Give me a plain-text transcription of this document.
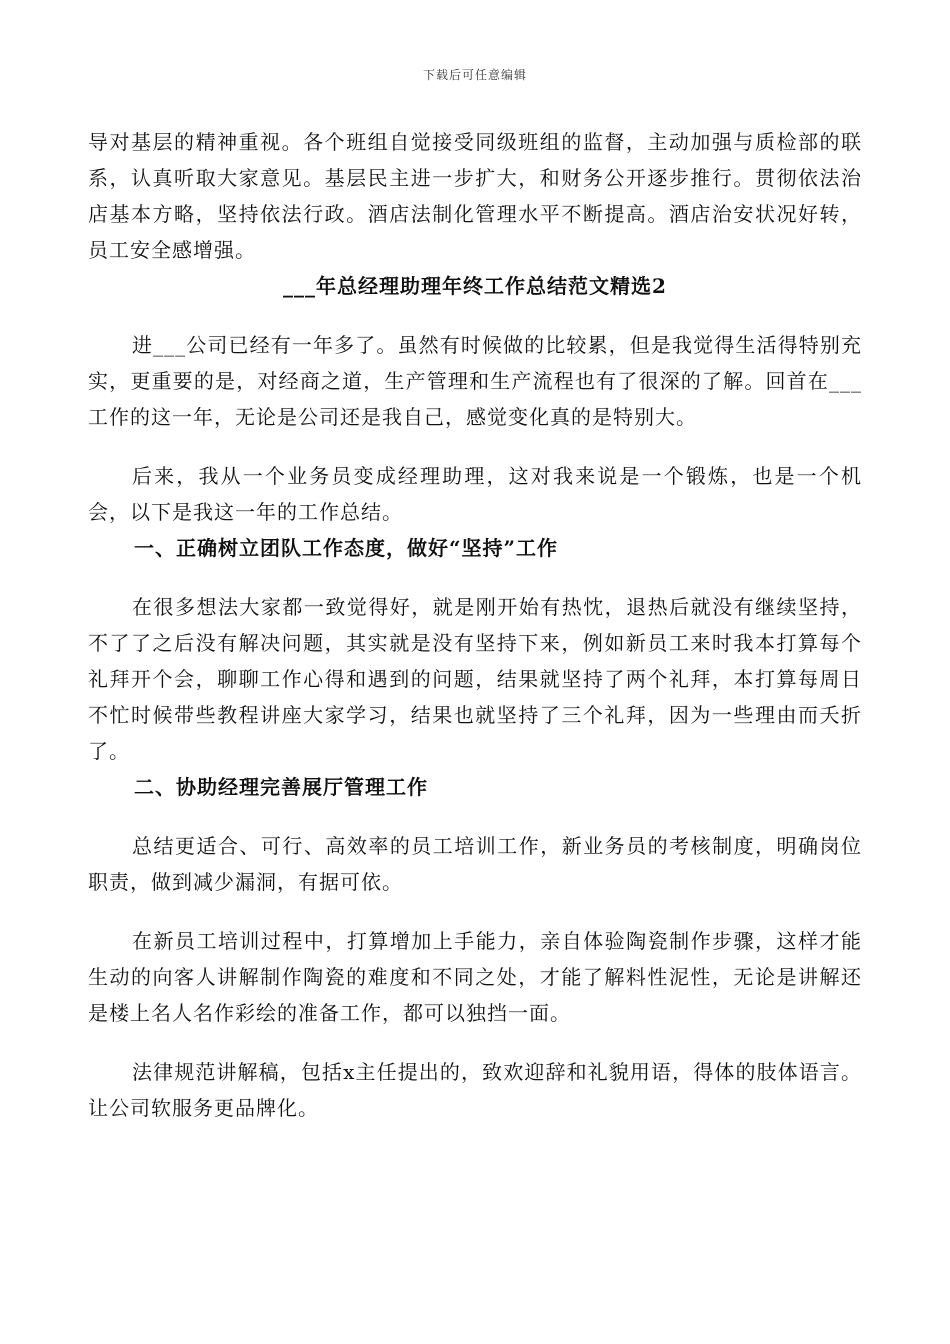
下载后可任意编辑

导对基层的精神重视。各个班组自觉接受同级班组的监督，主动加强与质检部的联系，认真听取大家意见。基层民主进一步扩大，和财务公开逐步推行。贯彻依法治店基本方略，坚持依法行政。酒店法制化管理水平不断提高。酒店治安状况好转，员工安全感增强。

___年总经理助理年终工作总结范文精选2

进___公司已经有一年多了。虽然有时候做的比较累，但是我觉得生活得特别充实，更重要的是，对经商之道，生产管理和生产流程也有了很深的了解。回首在___工作的这一年，无论是公司还是我自己，感觉变化真的是特别大。

后来，我从一个业务员变成经理助理，这对我来说是一个锻炼，也是一个机会，以下是我这一年的工作总结。

一、正确树立团队工作态度，做好“坚持”工作

在很多想法大家都一致觉得好，就是刚开始有热忱，退热后就没有继续坚持，不了了之后没有解决问题，其实就是没有坚持下来，例如新员工来时我本打算每个礼拜开个会，聊聊工作心得和遇到的问题，结果就坚持了两个礼拜，本打算每周日不忙时候带些教程讲座大家学习，结果也就坚持了三个礼拜，因为一些理由而夭折了。

二、协助经理完善展厅管理工作

总结更适合、可行、高效率的员工培训工作，新业务员的考核制度，明确岗位职责，做到减少漏洞，有据可依。

在新员工培训过程中，打算增加上手能力，亲自体验陶瓷制作步骤，这样才能生动的向客人讲解制作陶瓷的难度和不同之处，才能了解料性泥性，无论是讲解还是楼上名人名作彩绘的准备工作，都可以独挡一面。

法律规范讲解稿，包括x主任提出的，致欢迎辞和礼貌用语，得体的肢体语言。让公司软服务更品牌化。
